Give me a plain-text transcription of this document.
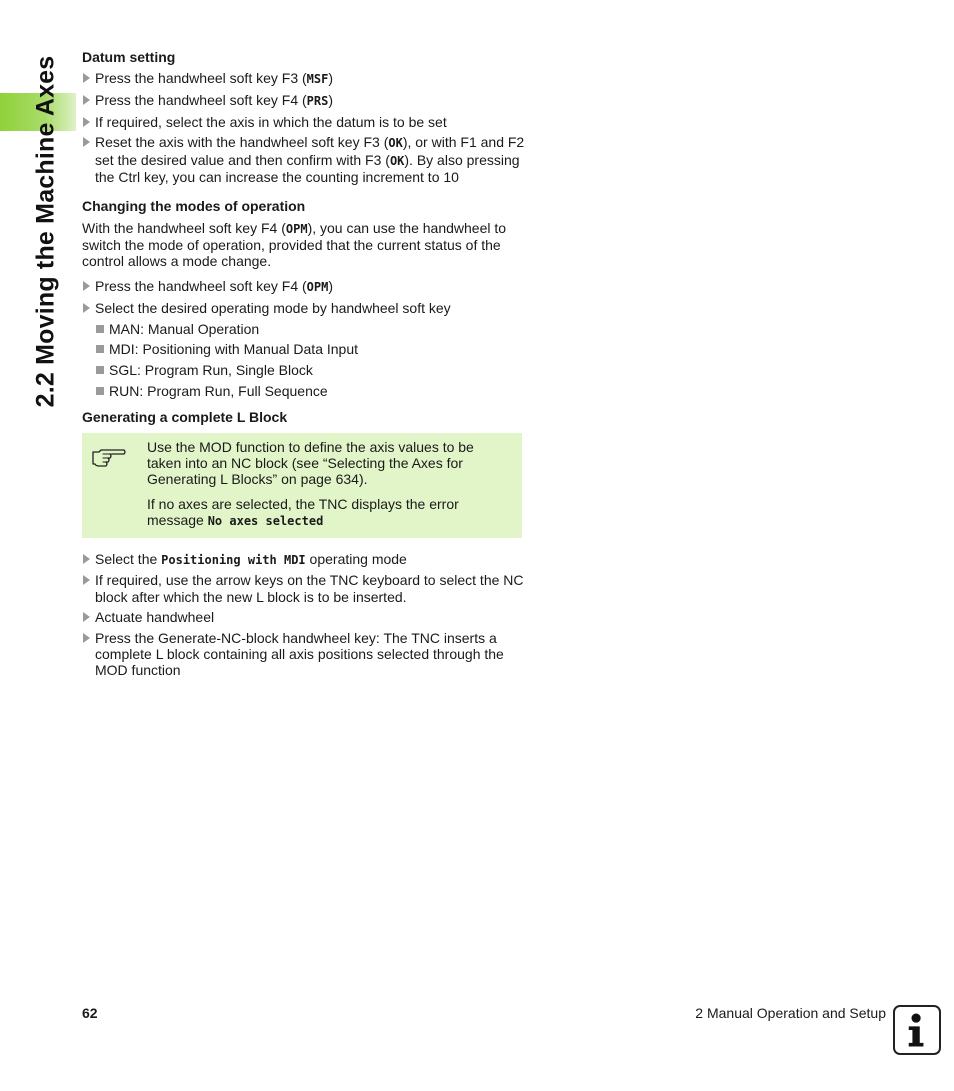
2.2 Moving the Machine Axes Datum setting
Press the handwheel soft key F3 (MSF)
Press the handwheel soft key F4 (PRS)
If required, select the axis in which the datum is to be set
Reset the axis with the handwheel soft key F3 (OK), or with F1 and F2 set the desired value and then confirm with F3 (OK). By also pressing the Ctrl key, you can increase the counting increment to 10
Changing the modes of operation
With the handwheel soft key F4 (OPM), you can use the handwheel to switch the mode of operation, provided that the current status of the control allows a mode change.
Press the handwheel soft key F4 (OPM)
Select the desired operating mode by handwheel soft key
MAN: Manual Operation
MDI: Positioning with Manual Data Input
SGL: Program Run, Single Block
RUN: Program Run, Full Sequence
Generating a complete L Block

Use the MOD function to define the axis values to be taken into an NC block (see “Selecting the Axes for Generating L Blocks” on page 634).

If no axes are selected, the TNC displays the error message No axes selected

Select the Positioning with MDI operating mode
If required, use the arrow keys on the TNC keyboard to select the NC block after which the new L block is to be inserted.
Actuate handwheel
Press the Generate-NC-block handwheel key: The TNC inserts a complete L block containing all axis positions selected through the MOD function
62	2 Manual Operation and Setup
